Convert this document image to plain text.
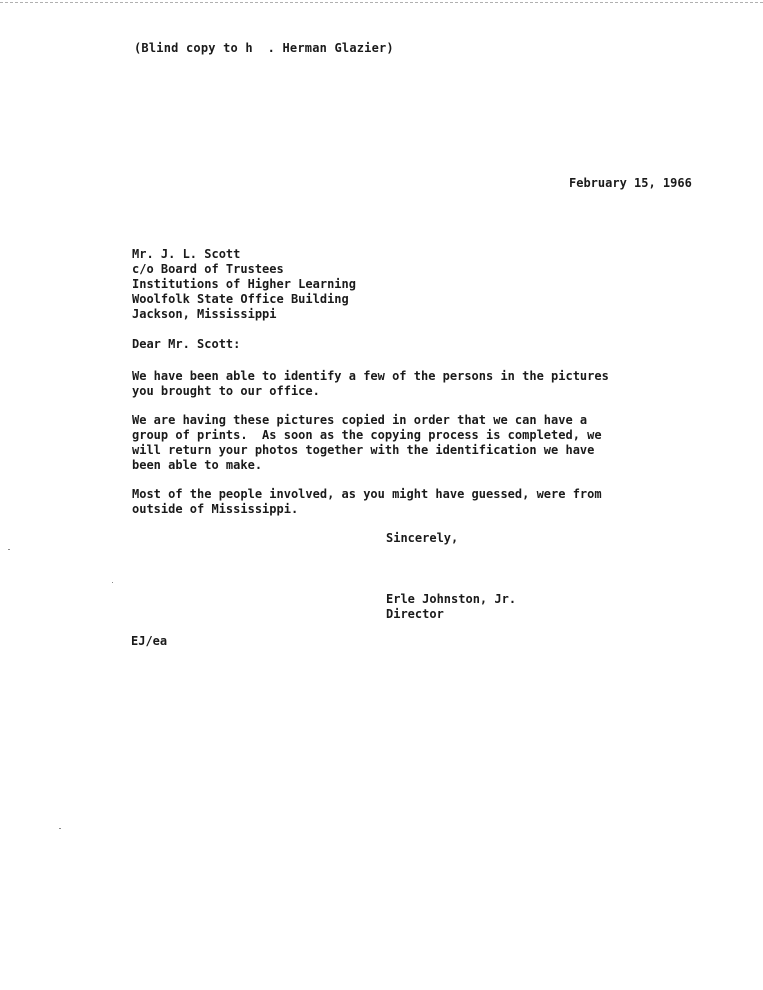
(Blind copy to h  . Herman Glazier)
February 15, 1966
Mr. J. L. Scott
c/o Board of Trustees
Institutions of Higher Learning
Woolfolk State Office Building
Jackson, Mississippi
Dear Mr. Scott:
We have been able to identify a few of the persons in the pictures
you brought to our office.
We are having these pictures copied in order that we can have a
group of prints.  As soon as the copying process is completed, we
will return your photos together with the identification we have
been able to make.
Most of the people involved, as you might have guessed, were from
outside of Mississippi.
Sincerely,
Erle Johnston, Jr.
Director
EJ/ea
